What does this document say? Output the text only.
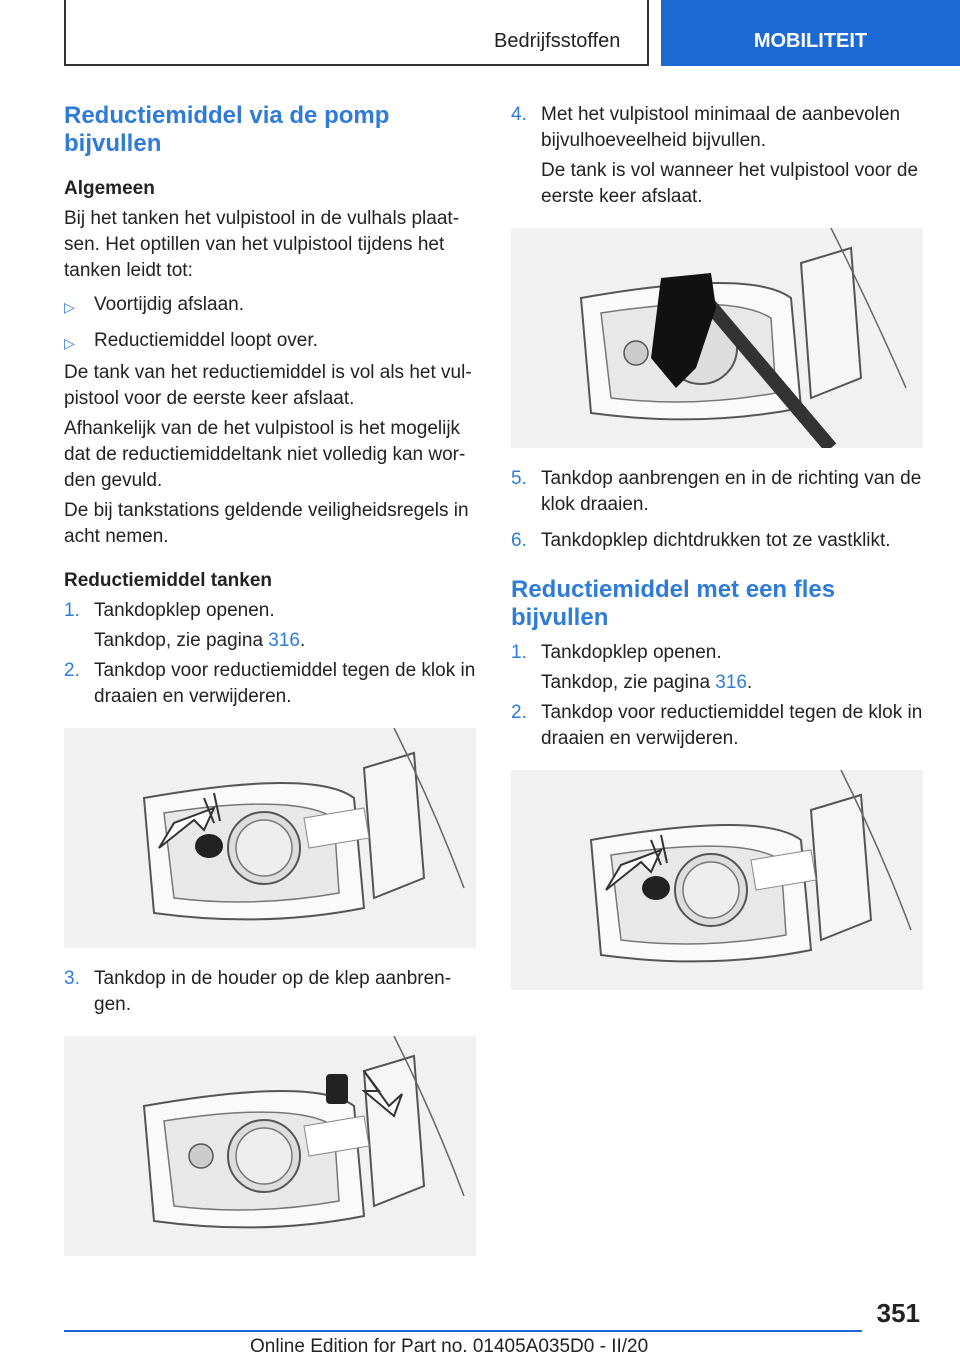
Bedrijfsstoffen	MOBILITEIT
Reductiemiddel via de pomp bijvullen
Algemeen
Bij het tanken het vulpistool in de vulhals plaat-sen. Het optillen van het vulpistool tijdens het tanken leidt tot:
▷	Voortijdig afslaan.
▷	Reductiemiddel loopt over.
De tank van het reductiemiddel is vol als het vul-pistool voor de eerste keer afslaat.
Afhankelijk van de het vulpistool is het mogelijk dat de reductiemiddeltank niet volledig kan wor-den gevuld.
De bij tankstations geldende veiligheidsregels in acht nemen.
Reductiemiddel tanken
1. Tankdopklep openen.
Tankdop, zie pagina 316.
2. Tankdop voor reductiemiddel tegen de klok in draaien en verwijderen.
3. Tankdop in de houder op de klep aanbren-gen.
4. Met het vulpistool minimaal de aanbevolen bijvulhoeveelheid bijvullen.
De tank is vol wanneer het vulpistool voor de eerste keer afslaat.
5. Tankdop aanbrengen en in de richting van de klok draaien.
6. Tankdopklep dichtdrukken tot ze vastklikt.
Reductiemiddel met een fles bijvullen
1. Tankdopklep openen.
Tankdop, zie pagina 316.
2. Tankdop voor reductiemiddel tegen de klok in draaien en verwijderen.
351
Online Edition for Part no. 01405A035D0 - II/20
